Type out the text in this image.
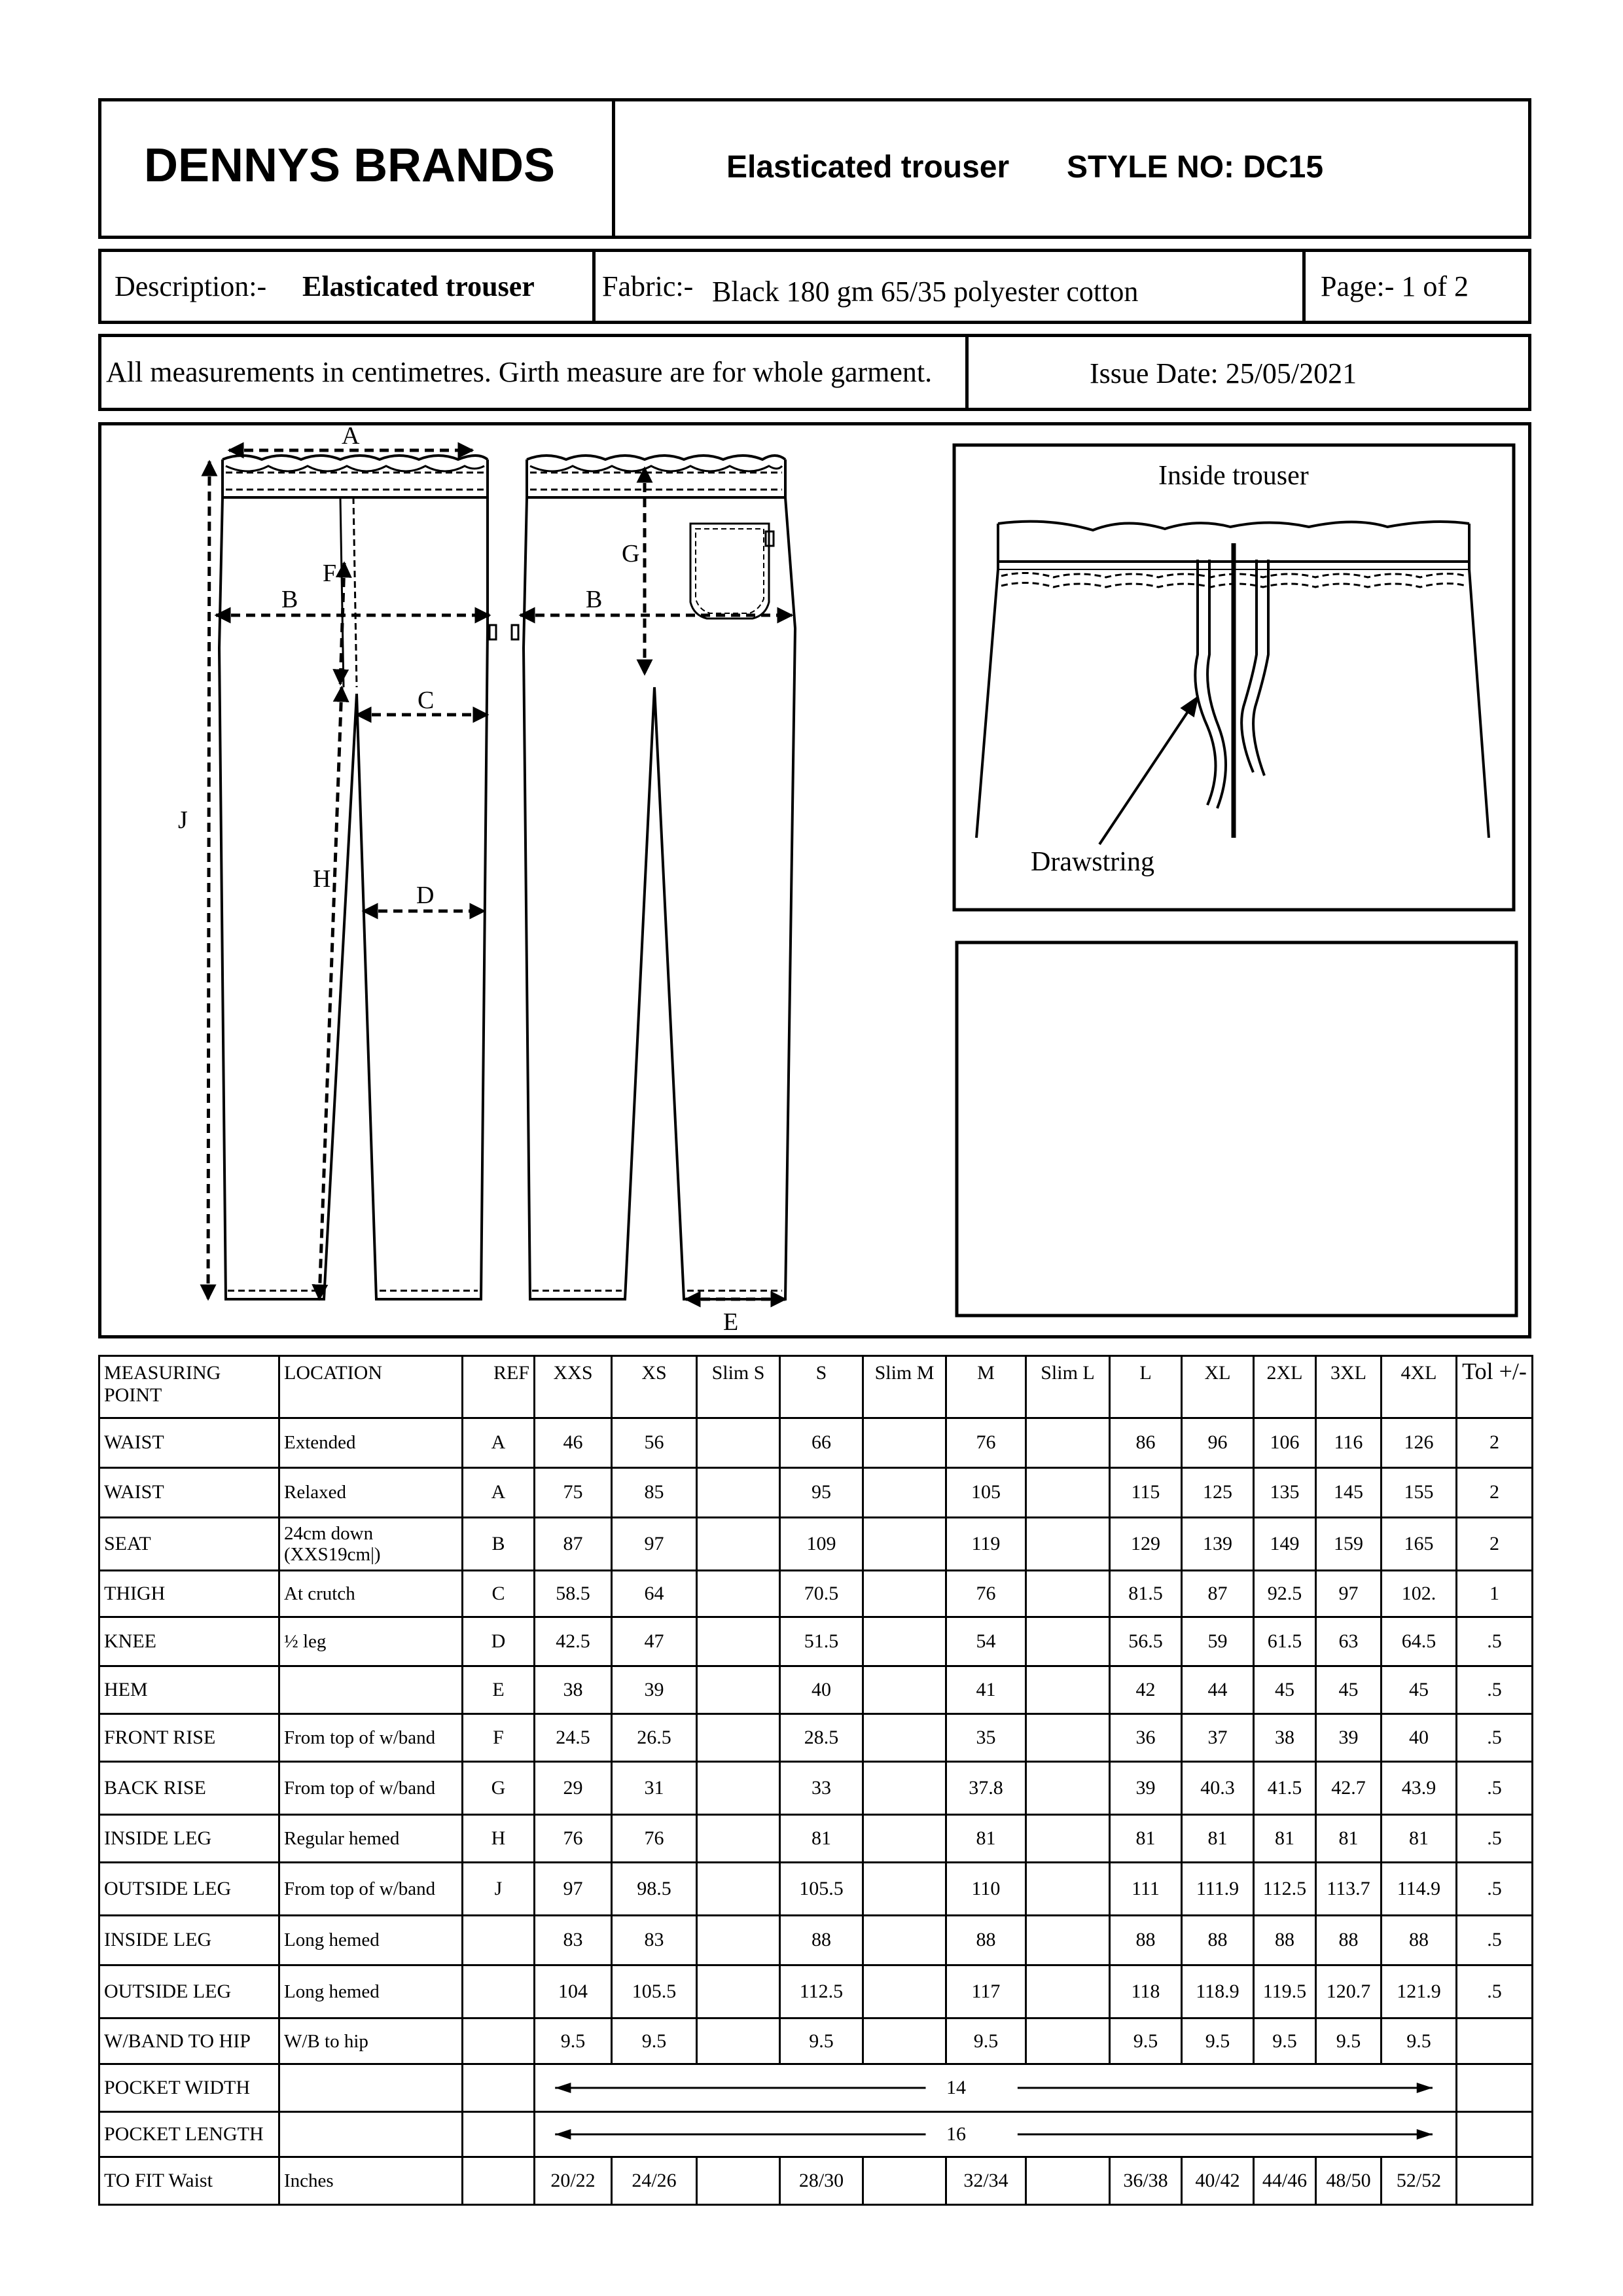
DENNYS BRANDS	Elasticated trouser STYLE NO: DC15
Description:- Elasticated trouser Fabric:- Black 180 gm 65/35 polyester cotton	Page:- 1 of 2
All measurements in centimetres. Girth measure are for whole garment.	Issue Date: 25/05/2021
A
B
F
C
D
H
J
B
G
E
Inside trouser
Drawstring
MEASURING POINT	LOCATION	REF	XXS	XS	Slim S	S	Slim M	M	Slim L	L	XL	2XL	3XL	4XL	Tol +/-
WAIST	Extended	A	46	56		66		76		86	96	106	116	126	2
WAIST	Relaxed	A	75	85		95		105		115	125	135	145	155	2
SEAT	24cm down (XXS19cm|)	B	87	97		109		119		129	139	149	159	165	2
THIGH	At crutch	C	58.5	64		70.5		76		81.5	87	92.5	97	102.	1
KNEE	½ leg	D	42.5	47		51.5		54		56.5	59	61.5	63	64.5	.5
HEM		E	38	39		40		41		42	44	45	45	45	.5
FRONT RISE	From top of w/band	F	24.5	26.5		28.5		35		36	37	38	39	40	.5
BACK RISE	From top of w/band	G	29	31		33		37.8		39	40.3	41.5	42.7	43.9	.5
INSIDE LEG	Regular hemed	H	76	76		81		81		81	81	81	81	81	.5
OUTSIDE LEG	From top of w/band	J	97	98.5		105.5		110		111	111.9	112.5	113.7	114.9	.5
INSIDE LEG	Long hemed		83	83		88		88		88	88	88	88	88	.5
OUTSIDE LEG	Long hemed		104	105.5		112.5		117		118	118.9	119.5	120.7	121.9	.5
W/BAND TO HIP	W/B to hip		9.5	9.5		9.5		9.5		9.5	9.5	9.5	9.5	9.5	
POCKET WIDTH			14												

POCKET LENGTH			16												

TO FIT Waist	Inches		20/22	24/26		28/30		32/34		36/38	40/42	44/46	48/50	52/52	
